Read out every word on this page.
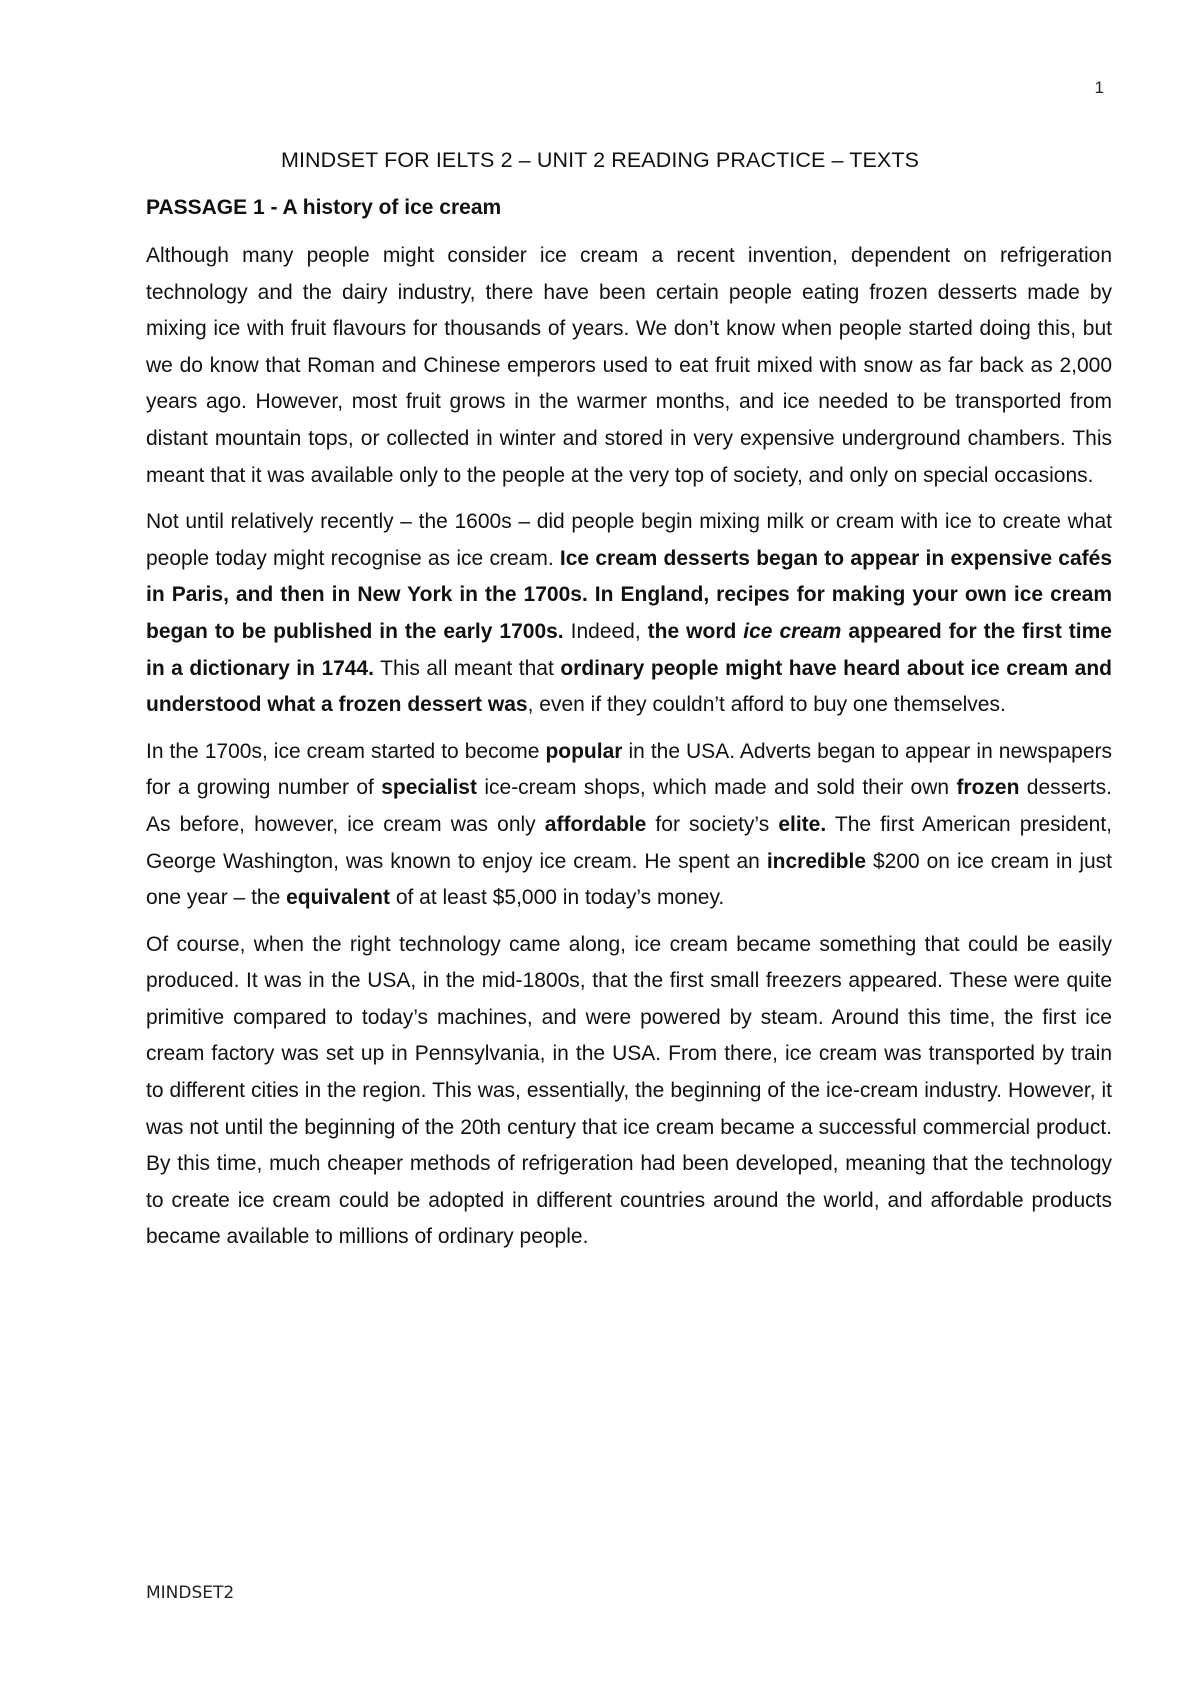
1
MINDSET FOR IELTS 2 – UNIT 2 READING PRACTICE – TEXTS
PASSAGE 1 - A history of ice cream

Although many people might consider ice cream a recent invention, dependent on refrigeration technology and the dairy industry, there have been certain people eating frozen desserts made by mixing ice with fruit flavours for thousands of years. We don’t know when people started doing this, but we do know that Roman and Chinese emperors used to eat fruit mixed with snow as far back as 2,000 years ago. However, most fruit grows in the warmer months, and ice needed to be transported from distant mountain tops, or collected in winter and stored in very expensive underground chambers. This meant that it was available only to the people at the very top of society, and only on special occasions.

Not until relatively recently – the 1600s – did people begin mixing milk or cream with ice to create what people today might recognise as ice cream. Ice cream desserts began to appear in expensive cafés in Paris, and then in New York in the 1700s. In England, recipes for making your own ice cream began to be published in the early 1700s. Indeed, the word ice cream appeared for the first time in a dictionary in 1744. This all meant that ordinary people might have heard about ice cream and understood what a frozen dessert was, even if they couldn’t afford to buy one themselves.

In the 1700s, ice cream started to become popular in the USA. Adverts began to appear in newspapers for a growing number of specialist ice-cream shops, which made and sold their own frozen desserts. As before, however, ice cream was only affordable for society’s elite. The first American president, George Washington, was known to enjoy ice cream. He spent an incredible $200 on ice cream in just one year – the equivalent of at least $5,000 in today’s money.

Of course, when the right technology came along, ice cream became something that could be easily produced. It was in the USA, in the mid-1800s, that the first small freezers appeared. These were quite primitive compared to today’s machines, and were powered by steam. Around this time, the first ice cream factory was set up in Pennsylvania, in the USA. From there, ice cream was transported by train to different cities in the region. This was, essentially, the beginning of the ice-cream industry. However, it was not until the beginning of the 20th century that ice cream became a successful commercial product. By this time, much cheaper methods of refrigeration had been developed, meaning that the technology to create ice cream could be adopted in different countries around the world, and affordable products became available to millions of ordinary people.

MINDSET2
